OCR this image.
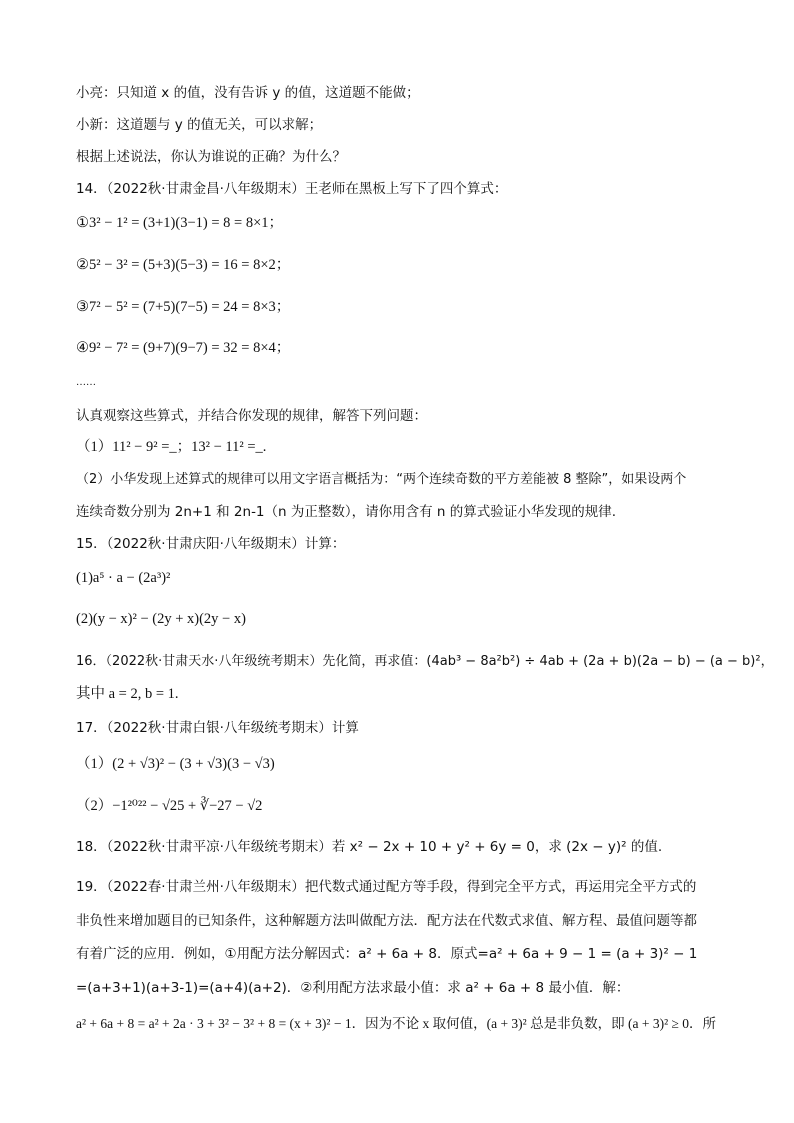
小亮：只知道 x 的值，没有告诉 y 的值，这道题不能做；
小新：这道题与 y 的值无关，可以求解；
根据上述说法，你认为谁说的正确？为什么？
14．（2022秋·甘肃金昌·八年级期末）王老师在黑板上写下了四个算式：
①3² − 1² = (3+1)(3−1) = 8 = 8×1；
②5² − 3² = (5+3)(5−3) = 16 = 8×2；
③7² − 5² = (7+5)(7−5) = 24 = 8×3；
④9² − 7² = (9+7)(9−7) = 32 = 8×4；
……
认真观察这些算式，并结合你发现的规律，解答下列问题：
（1）11² − 9² =_；13² − 11² =_.
（2）小华发现上述算式的规律可以用文字语言概括为：“两个连续奇数的平方差能被 8 整除”，如果设两个
连续奇数分别为 2n+1 和 2n-1（n 为正整数），请你用含有 n 的算式验证小华发现的规律.
15．（2022秋·甘肃庆阳·八年级期末）计算：
(1)a⁵ · a − (2a³)²
(2)(y − x)² − (2y + x)(2y − x)
16．（2022秋·甘肃天水·八年级统考期末）先化简，再求值：(4ab³ − 8a²b²) ÷ 4ab + (2a + b)(2a − b) − (a − b)²，
其中 a = 2, b = 1.
17．（2022秋·甘肃白银·八年级统考期末）计算
（1）(2 + √3)² − (3 + √3)(3 − √3)
（2）−1²⁰²² − √25 + ∛−27 − √2
18．（2022秋·甘肃平凉·八年级统考期末）若 x² − 2x + 10 + y² + 6y = 0，求 (2x − y)² 的值.
19．（2022春·甘肃兰州·八年级期末）把代数式通过配方等手段，得到完全平方式，再运用完全平方式的
非负性来增加题目的已知条件，这种解题方法叫做配方法．配方法在代数式求值、解方程、最值问题等都
有着广泛的应用．例如，①用配方法分解因式：a² + 6a + 8．原式=a² + 6a + 9 − 1 = (a + 3)² − 1
=(a+3+1)(a+3-1)=(a+4)(a+2)．②利用配方法求最小值：求 a² + 6a + 8 最小值．解：
a² + 6a + 8 = a² + 2a · 3 + 3² − 3² + 8 = (x + 3)² − 1．因为不论 x 取何值，(a + 3)² 总是非负数，即 (a + 3)² ≥ 0．所
